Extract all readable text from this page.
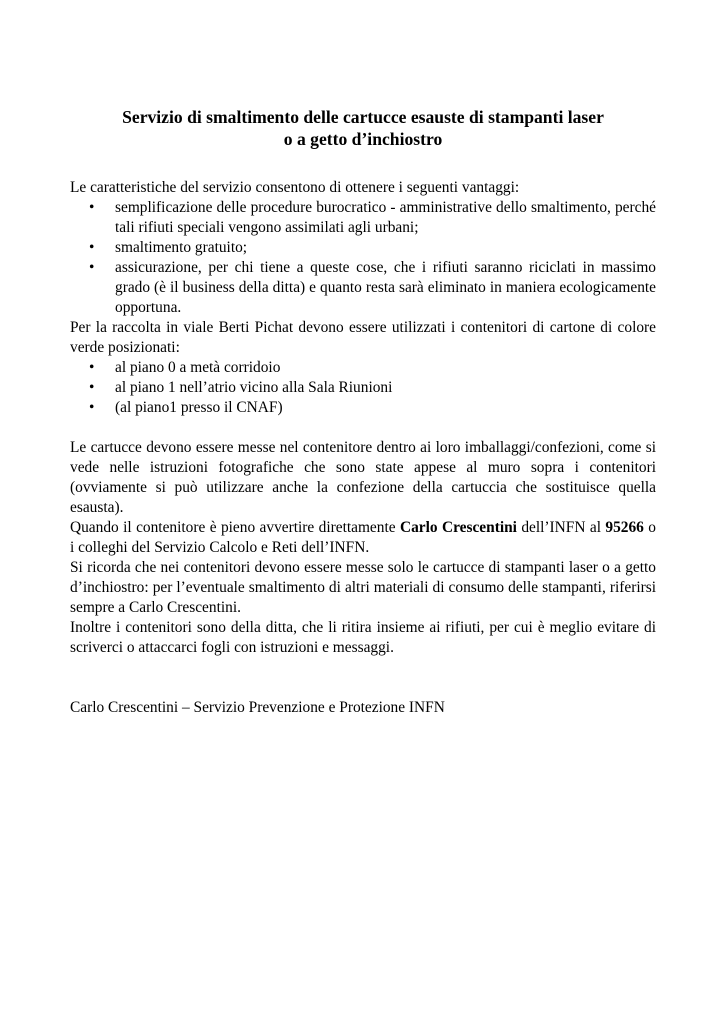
Servizio di smaltimento delle cartucce esauste di stampanti laser
o a getto d’inchiostro

Le caratteristiche del servizio consentono di ottenere i seguenti vantaggi:

• semplificazione delle procedure burocratico - amministrative dello smaltimento, perché tali rifiuti speciali vengono assimilati agli urbani;
• smaltimento gratuito;
• assicurazione, per chi tiene a queste cose, che i rifiuti saranno riciclati in massimo grado (è il business della ditta) e quanto resta sarà eliminato in maniera ecologicamente opportuna.

Per la raccolta in viale Berti Pichat devono essere utilizzati i contenitori di cartone di colore verde posizionati:

• al piano 0 a metà corridoio
• al piano 1 nell’atrio vicino alla Sala Riunioni
• (al piano1 presso il CNAF)

Le cartucce devono essere messe nel contenitore dentro ai loro imballaggi/confezioni, come si vede nelle istruzioni fotografiche che sono state appese al muro sopra i contenitori (ovviamente si può utilizzare anche la confezione della cartuccia che sostituisce quella esausta).

Quando il contenitore è pieno avvertire direttamente Carlo Crescentini dell’INFN al 95266 o i colleghi del Servizio Calcolo e Reti dell’INFN.

Si ricorda che nei contenitori devono essere messe solo le cartucce di stampanti laser o a getto d’inchiostro: per l’eventuale smaltimento di altri materiali di consumo delle stampanti, riferirsi sempre a Carlo Crescentini.

Inoltre i contenitori sono della ditta, che li ritira insieme ai rifiuti, per cui è meglio evitare di scriverci o attaccarci fogli con istruzioni e messaggi.

Carlo Crescentini – Servizio Prevenzione e Protezione INFN
